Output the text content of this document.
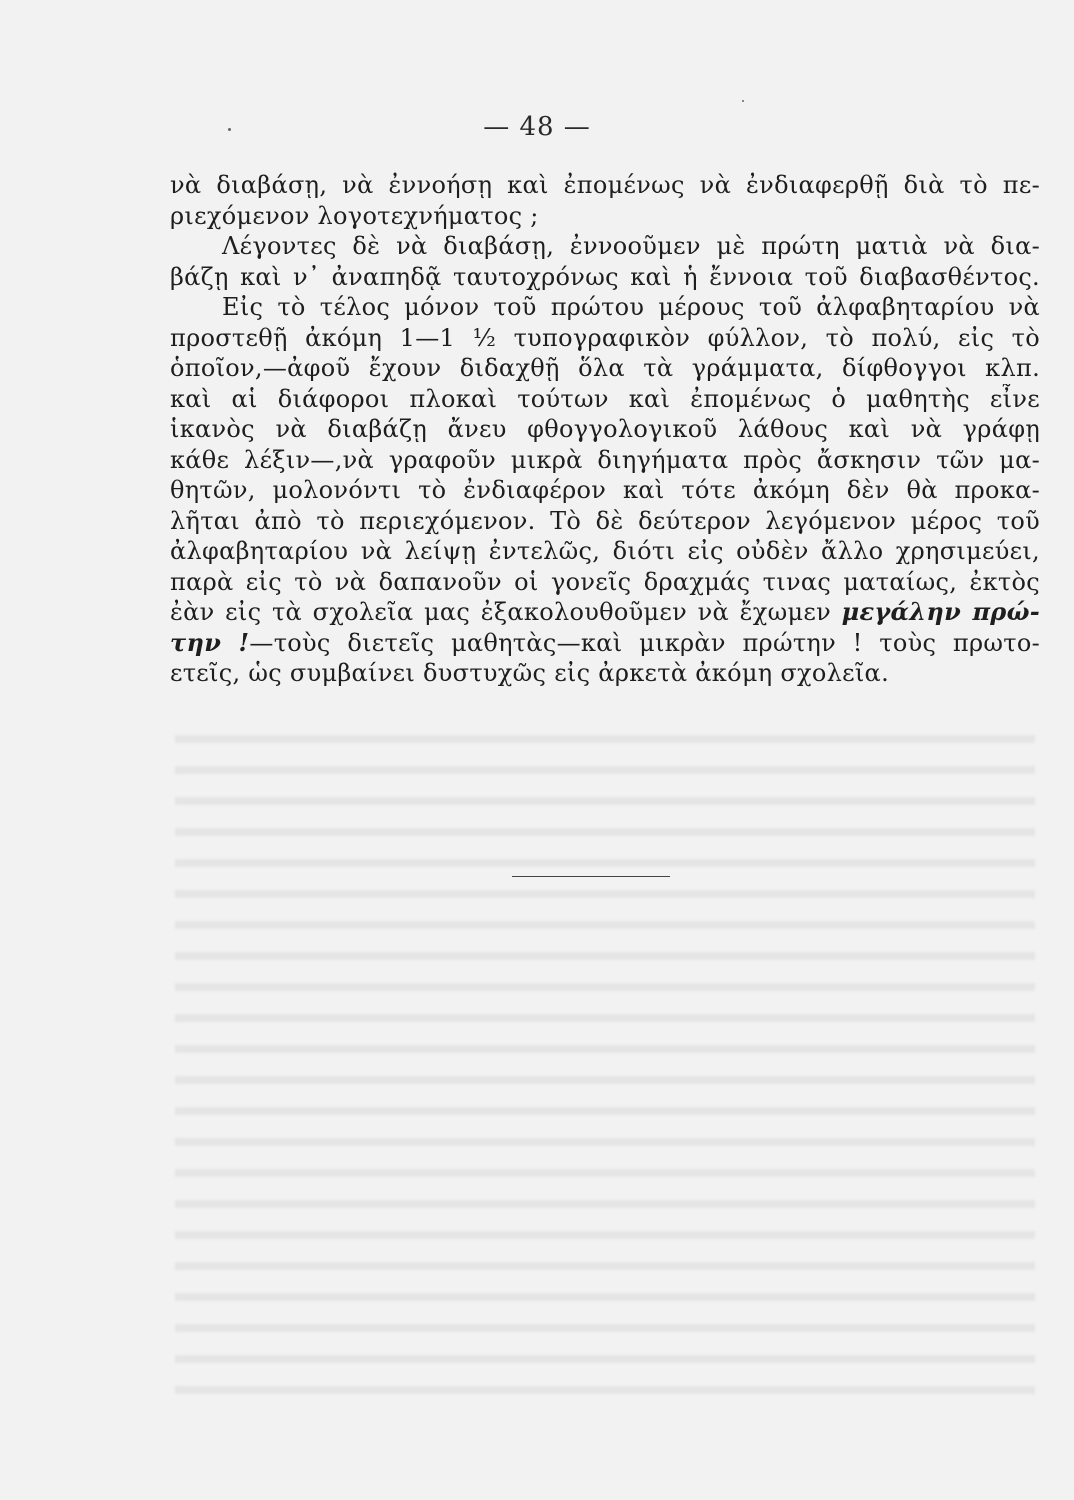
— 48 —
νὰ διαβάσῃ, νὰ ἐννοήσῃ καὶ ἐπομένως νὰ ἐνδιαφερθῇ διὰ τὸ πε-
ριεχόμενον λογοτεχνήματος ;
Λέγοντες δὲ νὰ διαβάσῃ, ἐννοοῦμεν μὲ πρώτη ματιὰ νὰ δια-
βάζῃ καὶ ν᾽ ἀναπηδᾷ ταυτοχρόνως καὶ ἡ ἔννοια τοῦ διαβασθέντος.
Εἰς τὸ τέλος μόνον τοῦ πρώτου μέρους τοῦ ἀλφαβηταρίου νὰ
προστεθῇ ἀκόμη 1—1 ½ τυπογραφικὸν φύλλον, τὸ πολύ, εἰς τὸ
ὁποῖον,—ἀφοῦ ἔχουν διδαχθῇ ὅλα τὰ γράμματα, δίφθογγοι κλπ.
καὶ αἱ διάφοροι πλοκαὶ τούτων καὶ ἐπομένως ὁ μαθητὴς εἶνε
ἱκανὸς νὰ διαβάζῃ ἄνευ φθογγολογικοῦ λάθους καὶ νὰ γράφῃ
κάθε λέξιν—,νὰ γραφοῦν μικρὰ διηγήματα πρὸς ἄσκησιν τῶν μα-
θητῶν, μολονόντι τὸ ἐνδιαφέρον καὶ τότε ἀκόμη δὲν θὰ προκα-
λῆται ἀπὸ τὸ περιεχόμενον. Τὸ δὲ δεύτερον λεγόμενον μέρος τοῦ
ἀλφαβηταρίου νὰ λείψῃ ἐντελῶς, διότι εἰς οὐδὲν ἄλλο χρησιμεύει,
παρὰ εἰς τὸ νὰ δαπανοῦν οἱ γονεῖς δραχμάς τινας ματαίως, ἐκτὸς
ἐὰν εἰς τὰ σχολεῖα μας ἐξακολουθοῦμεν νὰ ἔχωμεν μεγάλην πρώ-
την !—τοὺς διετεῖς μαθητὰς—καὶ μικρὰν πρώτην ! τοὺς πρωτο-
ετεῖς, ὡς συμβαίνει δυστυχῶς εἰς ἀρκετὰ ἀκόμη σχολεῖα.
